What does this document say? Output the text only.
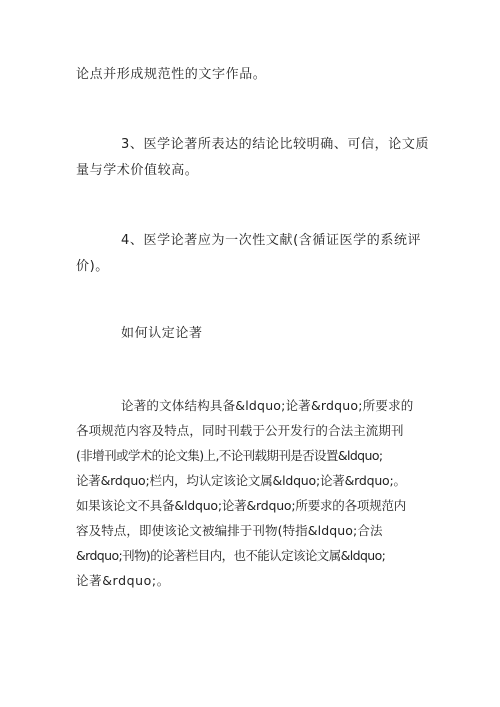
论点并形成规范性的文字作品。
3、医学论著所表达的结论比较明确、可信，论文质
量与学术价值较高。
4、医学论著应为一次性文献(含循证医学的系统评
价)。
如何认定论著
论著的文体结构具备&ldquo;论著&rdquo;所要求的
各项规范内容及特点，同时刊载于公开发行的合法主流期刊
(非增刊或学术的论文集)上,不论刊载期刊是否设置&ldquo;
论著&rdquo;栏内，均认定该论文属&ldquo;论著&rdquo;。
如果该论文不具备&ldquo;论著&rdquo;所要求的各项规范内
容及特点，即使该论文被编排于刊物(特指&ldquo;合法
&rdquo;刊物)的论著栏目内，也不能认定该论文属&ldquo;
论著&rdquo;。
